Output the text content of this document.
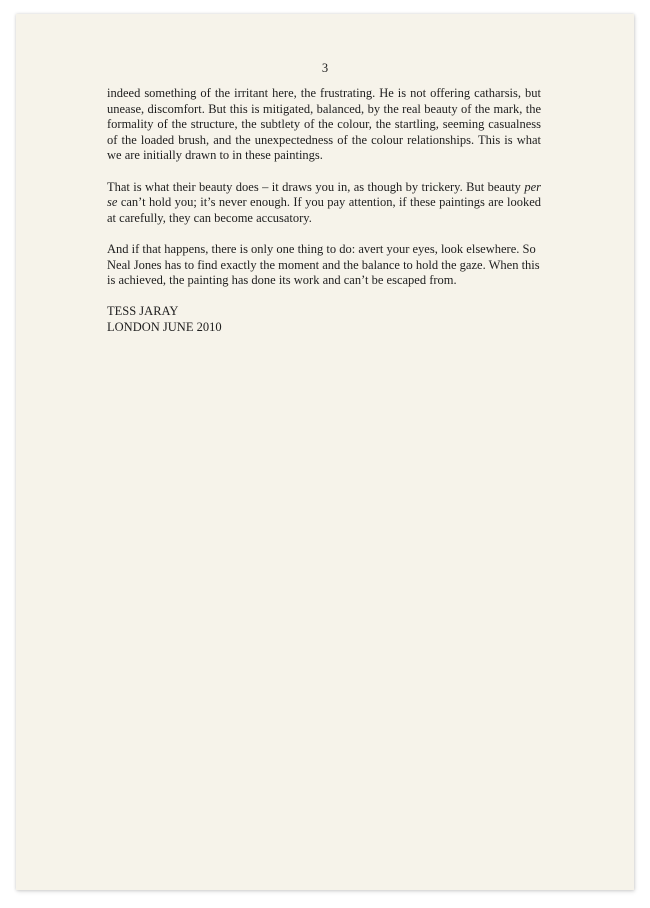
3

indeed something of the irritant here, the frustrating. He is not offering catharsis, but unease, discomfort. But this is mitigated, balanced, by the real beauty of the mark, the formality of the structure, the subtlety of the colour, the startling, seeming casualness of the loaded brush, and the unexpectedness of the colour relationships. This is what we are initially drawn to in these paintings.

That is what their beauty does – it draws you in, as though by trickery. But beauty per se can’t hold you; it’s never enough. If you pay attention, if these paintings are looked at carefully, they can become accusatory.

And if that happens, there is only one thing to do: avert your eyes, look elsewhere. So Neal Jones has to find exactly the moment and the balance to hold the gaze. When this is achieved, the painting has done its work and can’t be escaped from.

TESS JARAY
LONDON JUNE 2010
